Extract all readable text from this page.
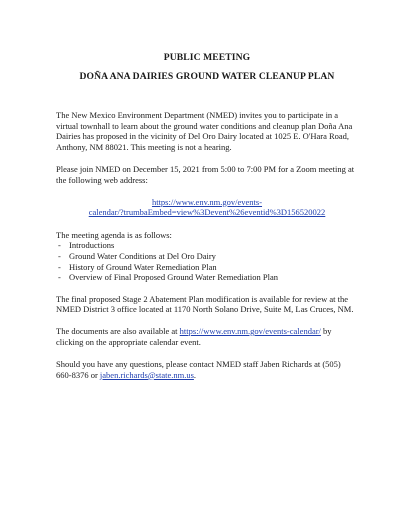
PUBLIC MEETING
DOÑA ANA DAIRIES GROUND WATER CLEANUP PLAN

The New Mexico Environment Department (NMED) invites you to participate in a virtual townhall to learn about the ground water conditions and cleanup plan Doña Ana Dairies has proposed in the vicinity of Del Oro Dairy located at 1025 E. O'Hara Road, Anthony, NM 88021. This meeting is not a hearing.

Please join NMED on December 15, 2021 from 5:00 to 7:00 PM for a Zoom meeting at the following web address:

https://www.env.nm.gov/events-
calendar/?trumbaEmbed=view%3Devent%26eventid%3D156520022

The meeting agenda is as follows:

- Introductions
- Ground Water Conditions at Del Oro Dairy
- History of Ground Water Remediation Plan
- Overview of Final Proposed Ground Water Remediation Plan

The final proposed Stage 2 Abatement Plan modification is available for review at the NMED District 3 office located at 1170 North Solano Drive, Suite M, Las Cruces, NM.

The documents are also available at https://www.env.nm.gov/events-calendar/ by clicking on the appropriate calendar event.

Should you have any questions, please contact NMED staff Jaben Richards at (505) 660-8376 or jaben.richards@state.nm.us.
